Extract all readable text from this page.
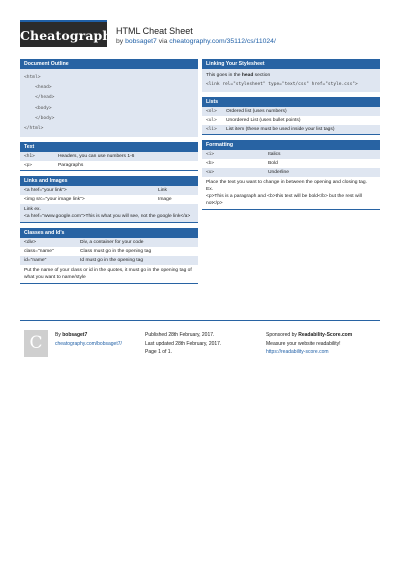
Cheatography
HTML Cheat Sheet
by bobsaget7 via cheatography.com/35112/cs/11024/
Document Outline
<html>
<head>
</head>
<body>
</body>
</html>
Text
<h1>	Headers, you can use numbers 1-6
<p>	Paragraphs
Links and Images
<a href="your link">	Link
<img src="your image link">	Image
Link ex.
<a href="www.google.com">This is what you will see, not the google link</a>
Classes and Id's
<div>	Div, a container for your code
class="name"	Class must go in the opening tag
id="name"	Id must go in the opening tag
Put the name of your class or id in the quotes, it must go in the opening tag of what you want to name/style
Linking Your Stylesheet
This goes in the head section
<link rel="stylesheet" type="text/css" href="style.css">
Lists
<ol>	Ordered list (uses numbers)
<ul>	Unordered List (uses bullet points)
<li>	List item (these must be used inside your list tags)
Formatting
<i>	Italics
<b>	Bold
<u>	Underline
Place the text you want to change in between the opening and closing tag.
Ex.
<p>This is a paragraph and <b>this text will be bold</b> but the rest will not</p>
C	By bobsaget7
cheatography.com/bobsaget7/
Published 28th February, 2017.
Last updated 28th February, 2017.
Page 1 of 1.
Sponsored by Readability-Score.com
Measure your website readability!
https://readability-score.com
